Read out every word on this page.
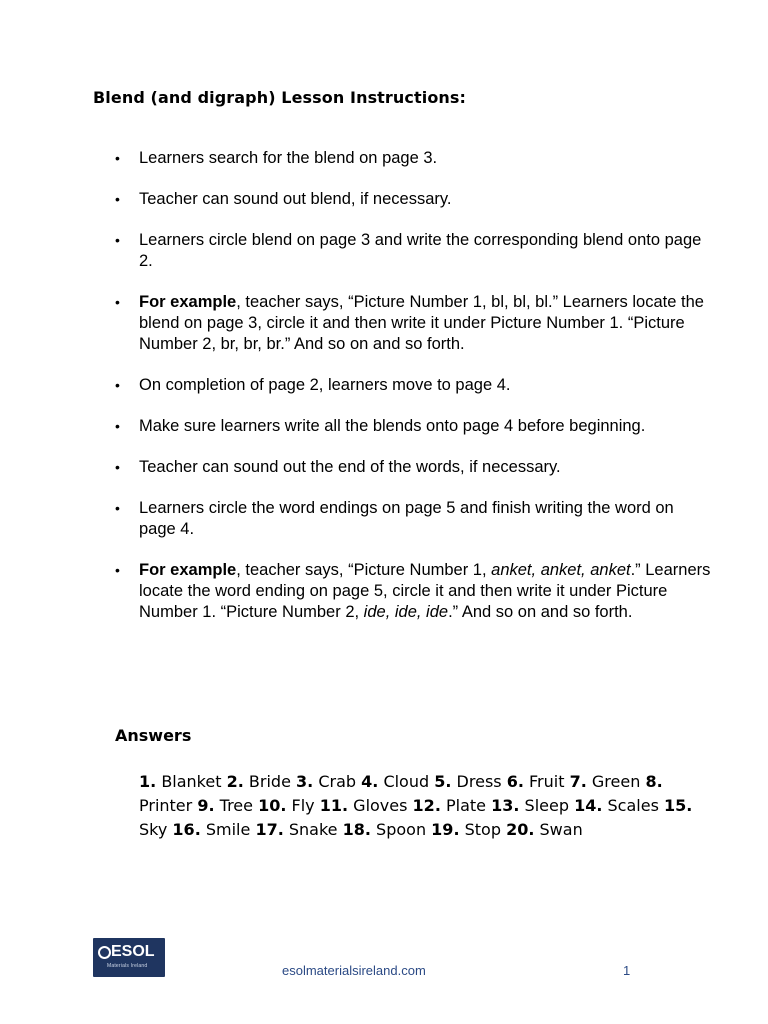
Blend (and digraph) Lesson Instructions:
• Learners search for the blend on page 3.
• Teacher can sound out blend, if necessary.
• Learners circle blend on page 3 and write the corresponding blend onto page 2.
• For example, teacher says, “Picture Number 1, bl, bl, bl.” Learners locate the blend on page 3, circle it and then write it under Picture Number 1. “Picture Number 2, br, br, br.” And so on and so forth.
• On completion of page 2, learners move to page 4.
• Make sure learners write all the blends onto page 4 before beginning.
• Teacher can sound out the end of the words, if necessary.
• Learners circle the word endings on page 5 and finish writing the word on page 4.
• For example, teacher says, “Picture Number 1, anket, anket, anket.” Learners locate the word ending on page 5, circle it and then write it under Picture Number 1. “Picture Number 2, ide, ide, ide.” And so on and so forth.
Answers
1. Blanket 2. Bride 3. Crab 4. Cloud 5. Dress 6. Fruit 7. Green 8. Printer 9. Tree 10. Fly 11. Gloves 12. Plate 13. Sleep 14. Scales 15. Sky 16. Smile 17. Snake 18. Spoon 19. Stop 20. Swan
ESOL
Materials Ireland	esolmaterialsireland.com	1
